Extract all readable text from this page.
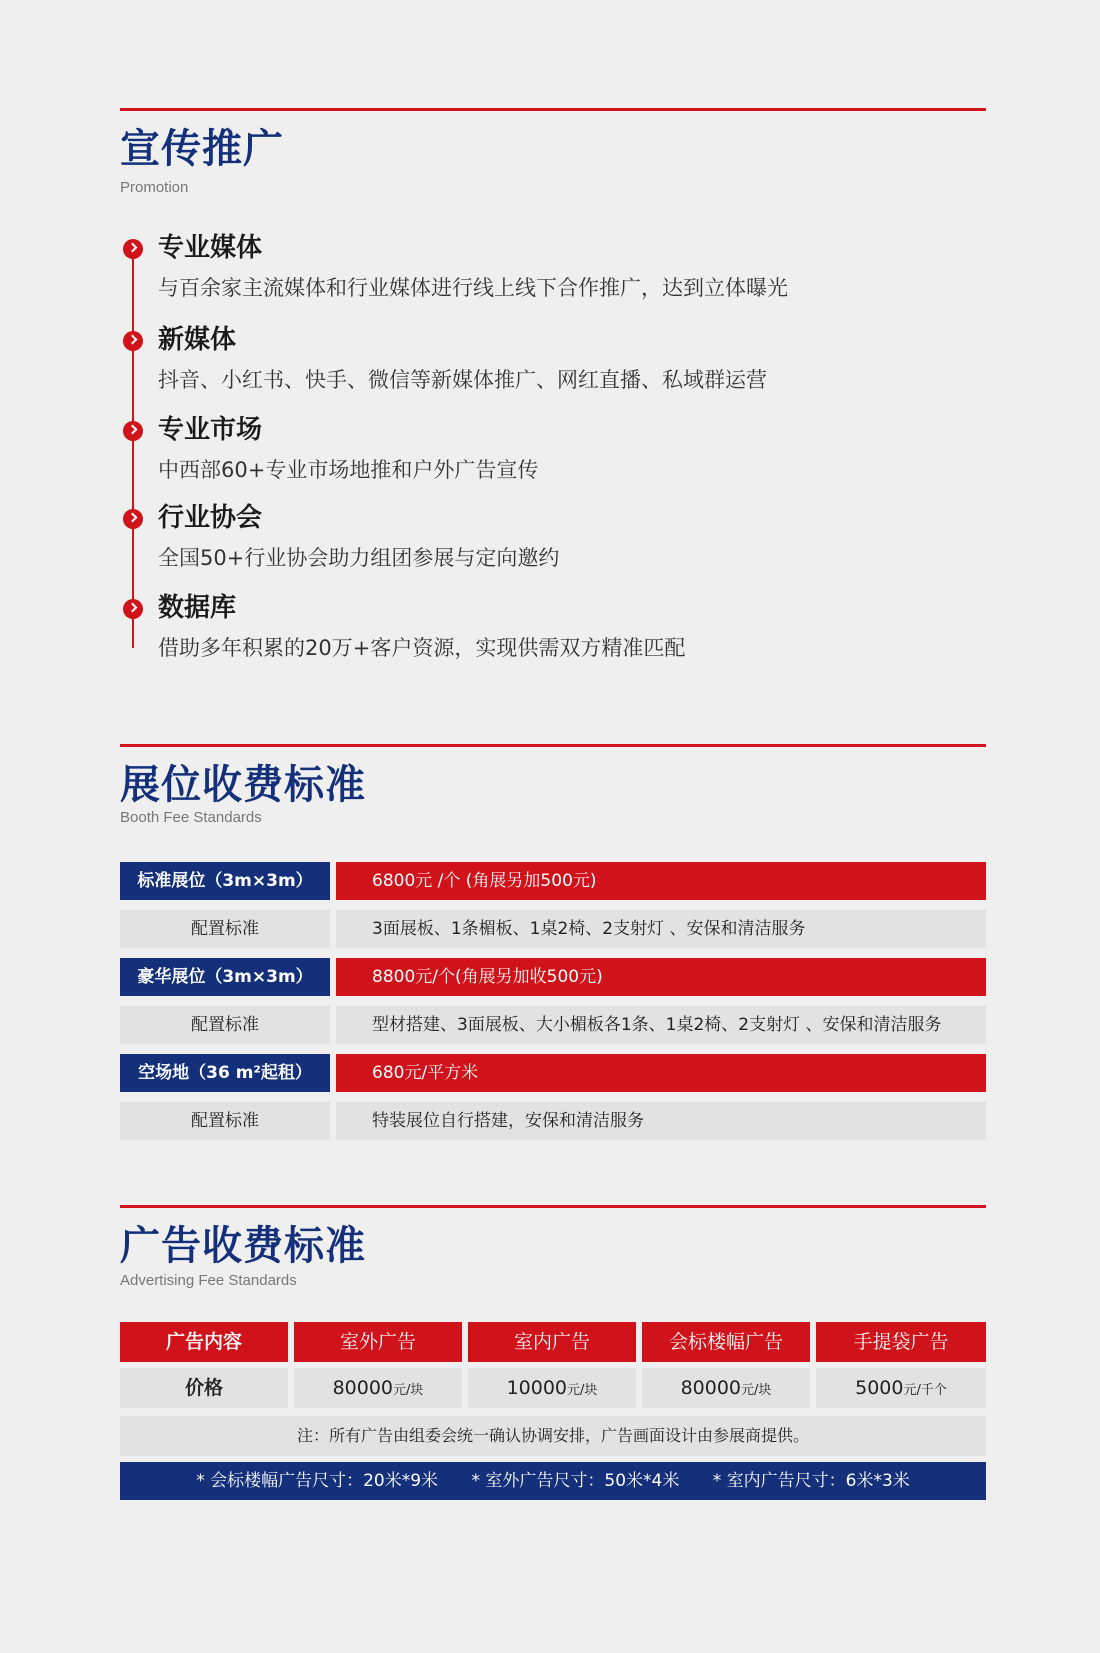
宣传推广
Promotion
专业媒体
与百余家主流媒体和行业媒体进行线上线下合作推广，达到立体曝光
新媒体
抖音、小红书、快手、微信等新媒体推广、网红直播、私域群运营
专业市场
中西部60+专业市场地推和户外广告宣传
行业协会
全国50+行业协会助力组团参展与定向邀约
数据库
借助多年积累的20万+客户资源，实现供需双方精准匹配
展位收费标准
Booth Fee Standards
标准展位（3m×3m）	6800元 /个 (角展另加500元)
配置标准	3面展板、1条楣板、1桌2椅、2支射灯 、安保和清洁服务
豪华展位（3m×3m）	8800元/个(角展另加收500元)
配置标准	型材搭建、3面展板、大小楣板各1条、1桌2椅、2支射灯 、安保和清洁服务
空场地（36 m²起租）	680元/平方米
配置标准	特装展位自行搭建，安保和清洁服务
广告收费标准
Advertising Fee Standards
广告内容	室外广告	室内广告	会标楼幅广告	手提袋广告
价格	80000元/块	10000元/块	80000元/块	5000元/千个
注：所有广告由组委会统一确认协调安排，广告画面设计由参展商提供。
* 会标楼幅广告尺寸：20米*9米 * 室外广告尺寸：50米*4米 * 室内广告尺寸：6米*3米
